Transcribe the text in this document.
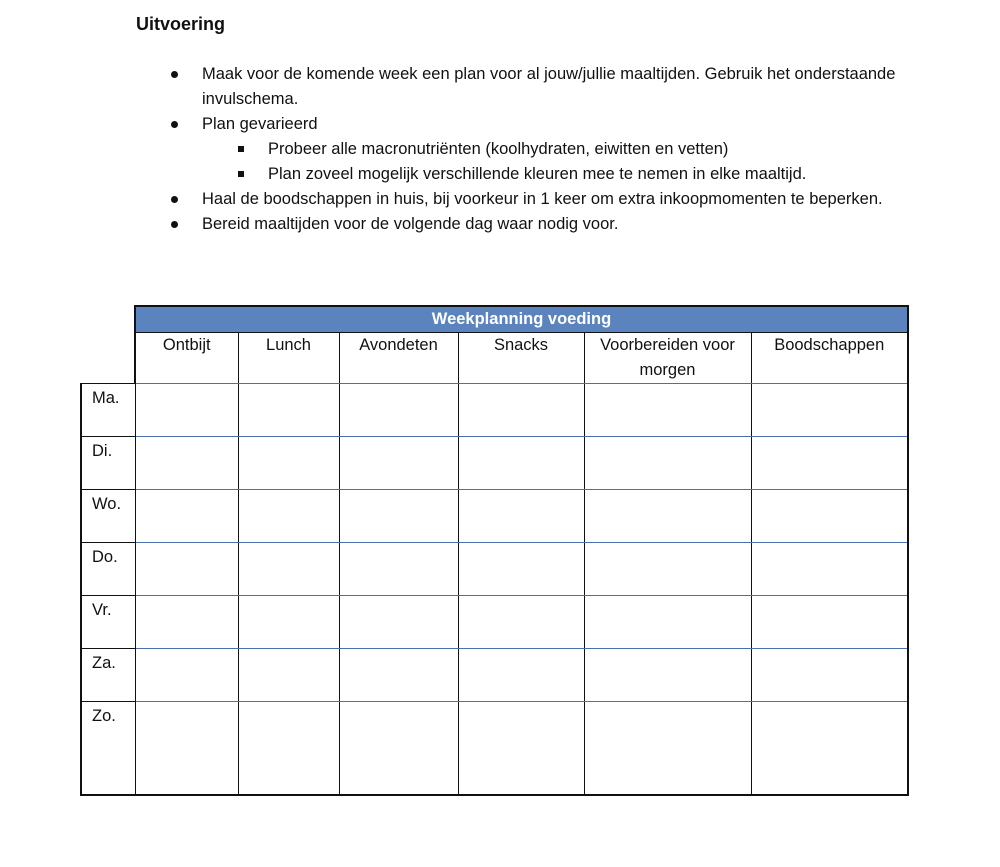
Uitvoering
Maak voor de komende week een plan voor al jouw/jullie maaltijden. Gebruik het onderstaande invulschema.
Plan gevarieerd
Probeer alle macronutriënten (koolhydraten, eiwitten en vetten)
Plan zoveel mogelijk verschillende kleuren mee te nemen in elke maaltijd.
Haal de boodschappen in huis, bij voorkeur in 1 keer om extra inkoopmomenten te beperken.
Bereid maaltijden voor de volgende dag waar nodig voor.
	Weekplanning voeding					
	Ontbijt	Lunch	Avondeten	Snacks	Voorbereiden voor morgen	Boodschappen
Ma.						
Di.						
Wo.						
Do.						
Vr.						
Za.						
Zo.						
